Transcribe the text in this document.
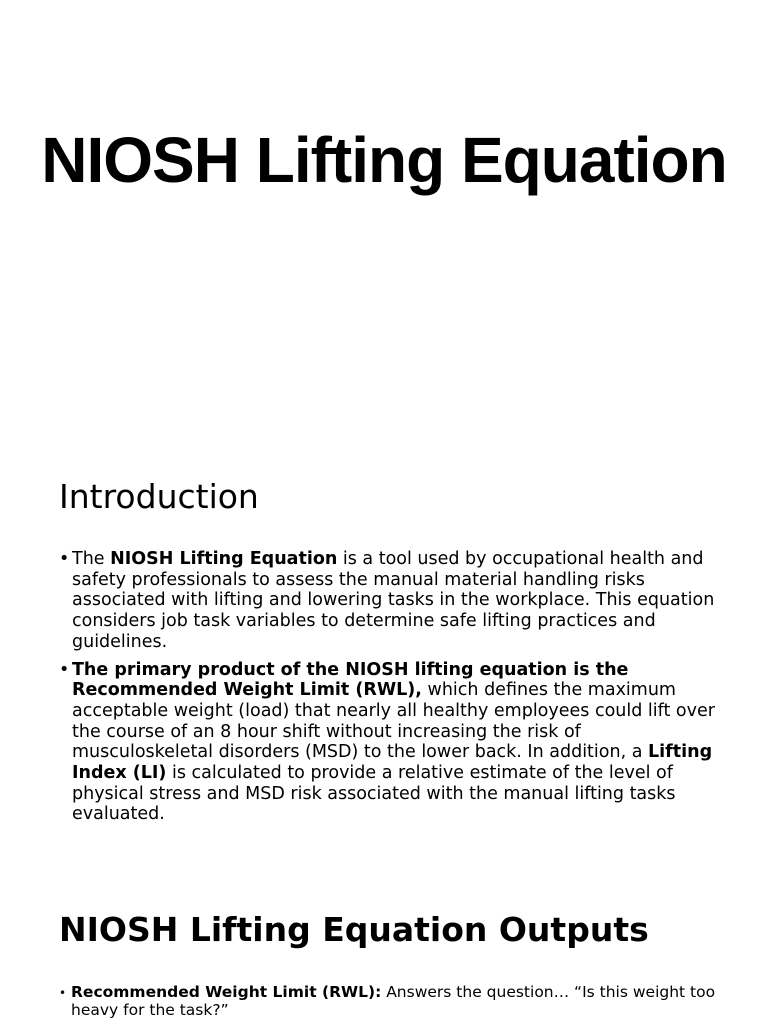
NIOSH Lifting Equation
Introduction
• The NIOSH Lifting Equation is a tool used by occupational health and safety professionals to assess the manual material handling risks associated with lifting and lowering tasks in the workplace. This equation considers job task variables to determine safe lifting practices and guidelines.
• The primary product of the NIOSH lifting equation is the Recommended Weight Limit (RWL), which defines the maximum acceptable weight (load) that nearly all healthy employees could lift over the course of an 8 hour shift without increasing the risk of musculoskeletal disorders (MSD) to the lower back. In addition, a Lifting Index (LI) is calculated to provide a relative estimate of the level of physical stress and MSD risk associated with the manual lifting tasks evaluated.
NIOSH Lifting Equation Outputs
• Recommended Weight Limit (RWL): Answers the question… “Is this weight too heavy for the task?”
